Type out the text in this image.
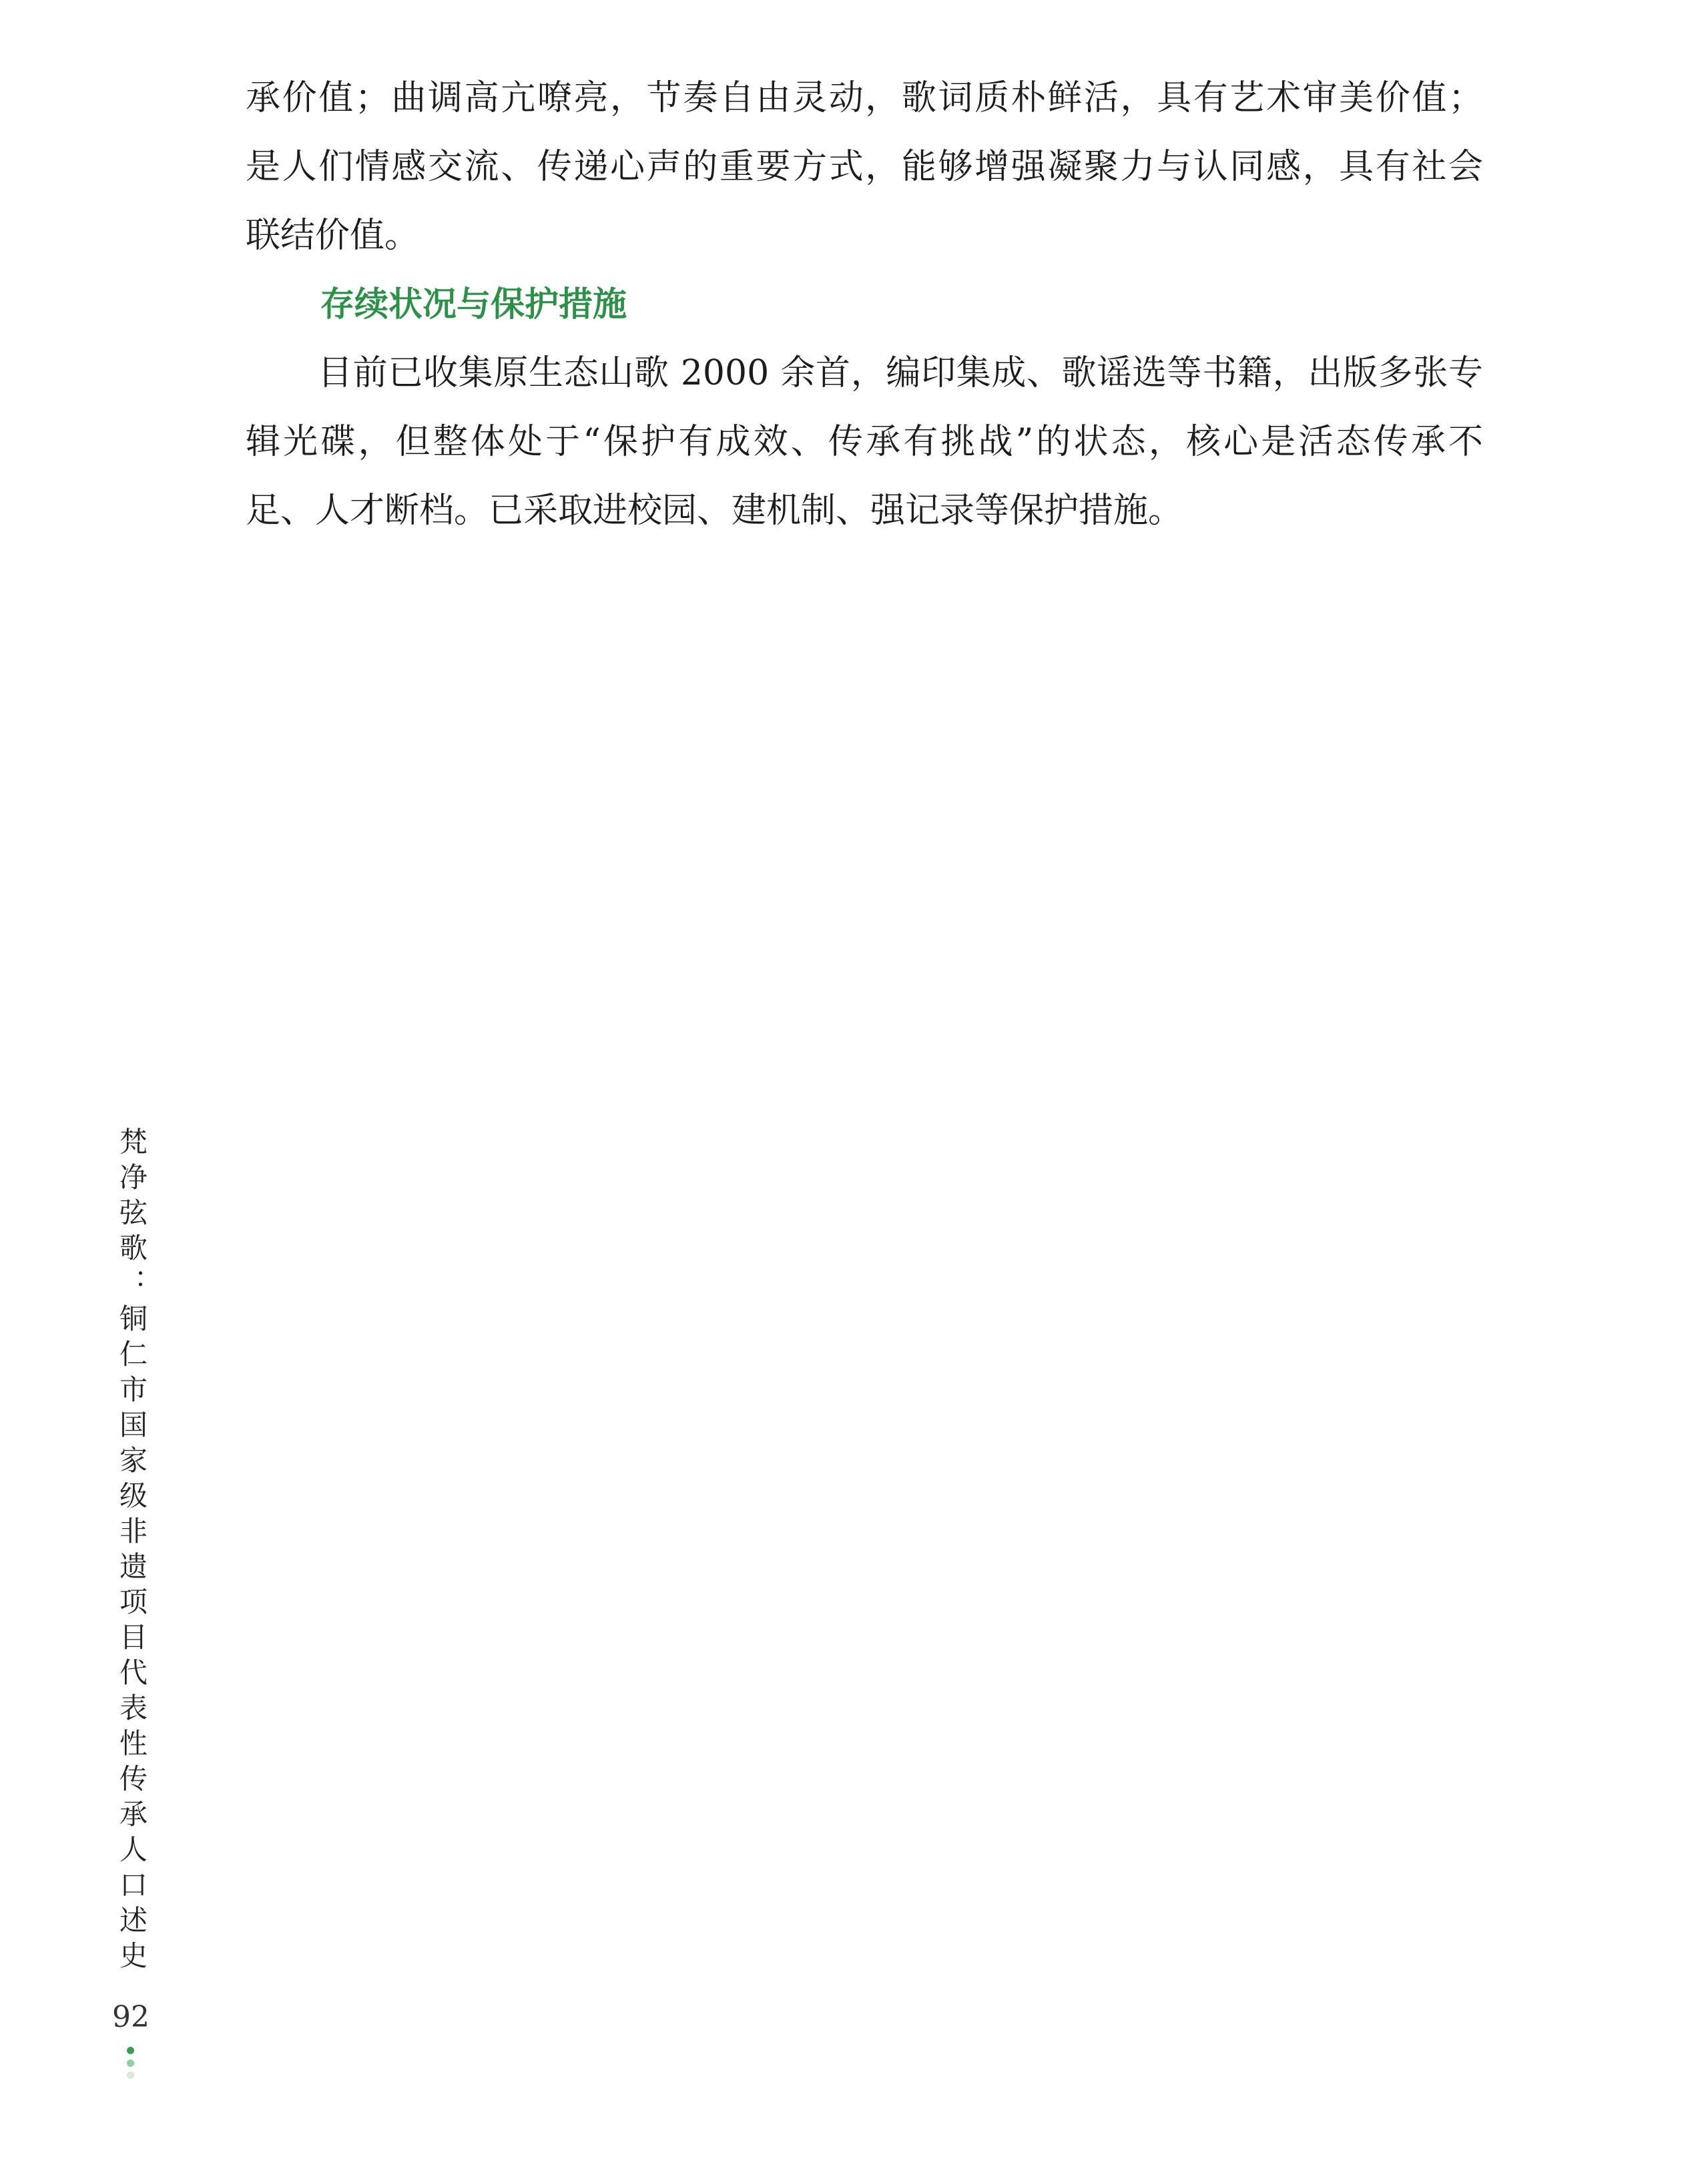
承价值；曲调高亢嘹亮，节奏自由灵动，歌词质朴鲜活，具有艺术审美价值；
是人们情感交流、传递心声的重要方式，能够增强凝聚力与认同感，具有社会
联结价值。
存续状况与保护措施
目前已收集原生态山歌 2000 余首，编印集成、歌谣选等书籍，出版多张专
辑光碟，但整体处于“保护有成效、传承有挑战”的状态，核心是活态传承不
足、人才断档。已采取进校园、建机制、强记录等保护措施。
梵净弦歌：铜仁市国家级非遗项目代表性传承人口述史
92
